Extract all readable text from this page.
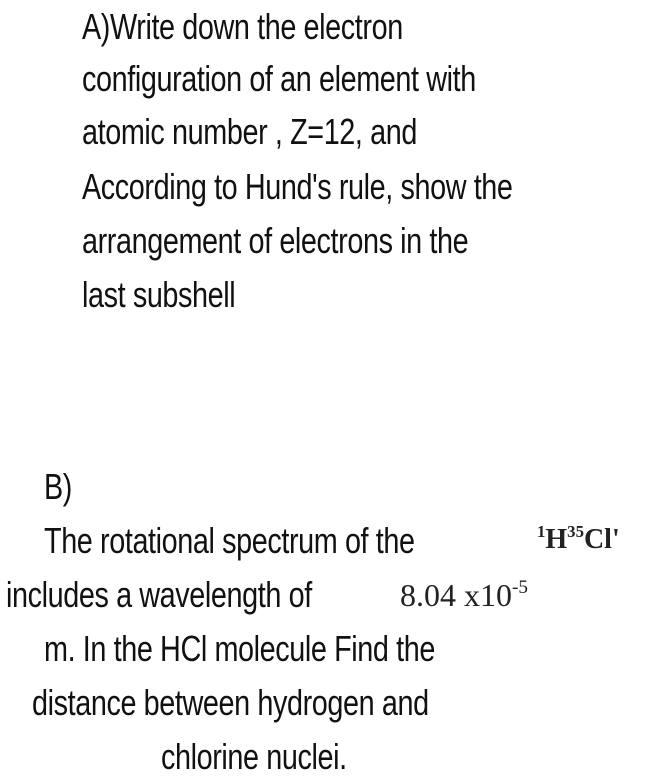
A)Write down the electron
configuration of an element with
atomic number , Z=12, and
According to Hund's rule, show the
arrangement of electrons in the
last subshell
B)
The rotational spectrum of the	$^1H^{35}Cl'$
includes a wavelength of	8.04 $x10^{-5}$
m. In the HCl molecule Find the
distance between hydrogen and
chlorine nuclei.
